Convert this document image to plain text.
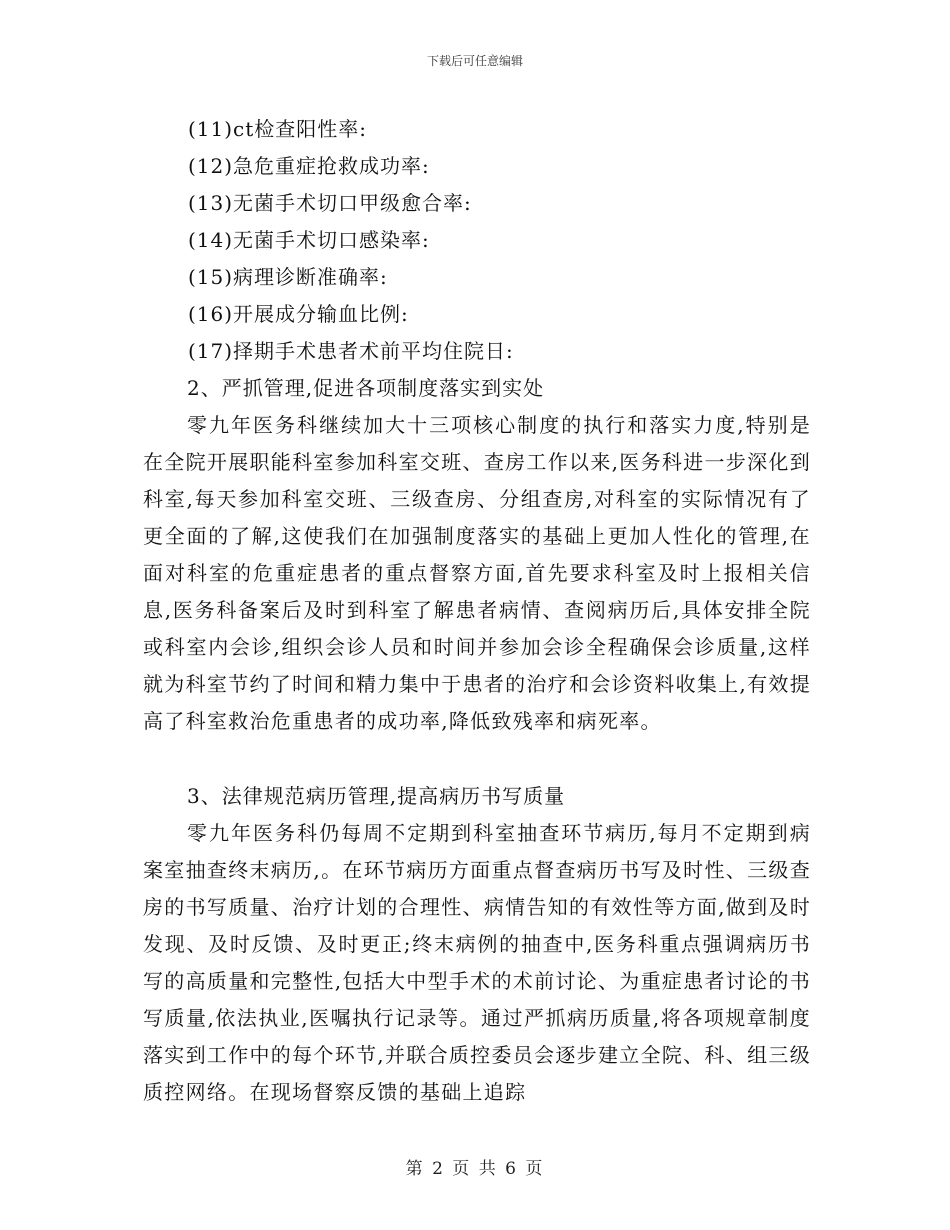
下载后可任意编辑
(11)ct检查阳性率:
(12)急危重症抢救成功率:
(13)无菌手术切口甲级愈合率:
(14)无菌手术切口感染率:
(15)病理诊断准确率:
(16)开展成分输血比例:
(17)择期手术患者术前平均住院日:
2、严抓管理,促进各项制度落实到实处

零九年医务科继续加大十三项核心制度的执行和落实力度,特别是在全院开展职能科室参加科室交班、查房工作以来,医务科进一步深化到科室,每天参加科室交班、三级查房、分组查房,对科室的实际情况有了更全面的了解,这使我们在加强制度落实的基础上更加人性化的管理,在面对科室的危重症患者的重点督察方面,首先要求科室及时上报相关信息,医务科备案后及时到科室了解患者病情、查阅病历后,具体安排全院或科室内会诊,组织会诊人员和时间并参加会诊全程确保会诊质量,这样就为科室节约了时间和精力集中于患者的治疗和会诊资料收集上,有效提高了科室救治危重患者的成功率,降低致残率和病死率。

3、法律规范病历管理,提高病历书写质量

零九年医务科仍每周不定期到科室抽查环节病历,每月不定期到病案室抽查终末病历,。在环节病历方面重点督查病历书写及时性、三级查房的书写质量、治疗计划的合理性、病情告知的有效性等方面,做到及时发现、及时反馈、及时更正;终末病例的抽查中,医务科重点强调病历书写的高质量和完整性,包括大中型手术的术前讨论、为重症患者讨论的书写质量,依法执业,医嘱执行记录等。通过严抓病历质量,将各项规章制度落实到工作中的每个环节,并联合质控委员会逐步建立全院、科、组三级质控网络。在现场督察反馈的基础上追踪

第 2 页 共 6 页
